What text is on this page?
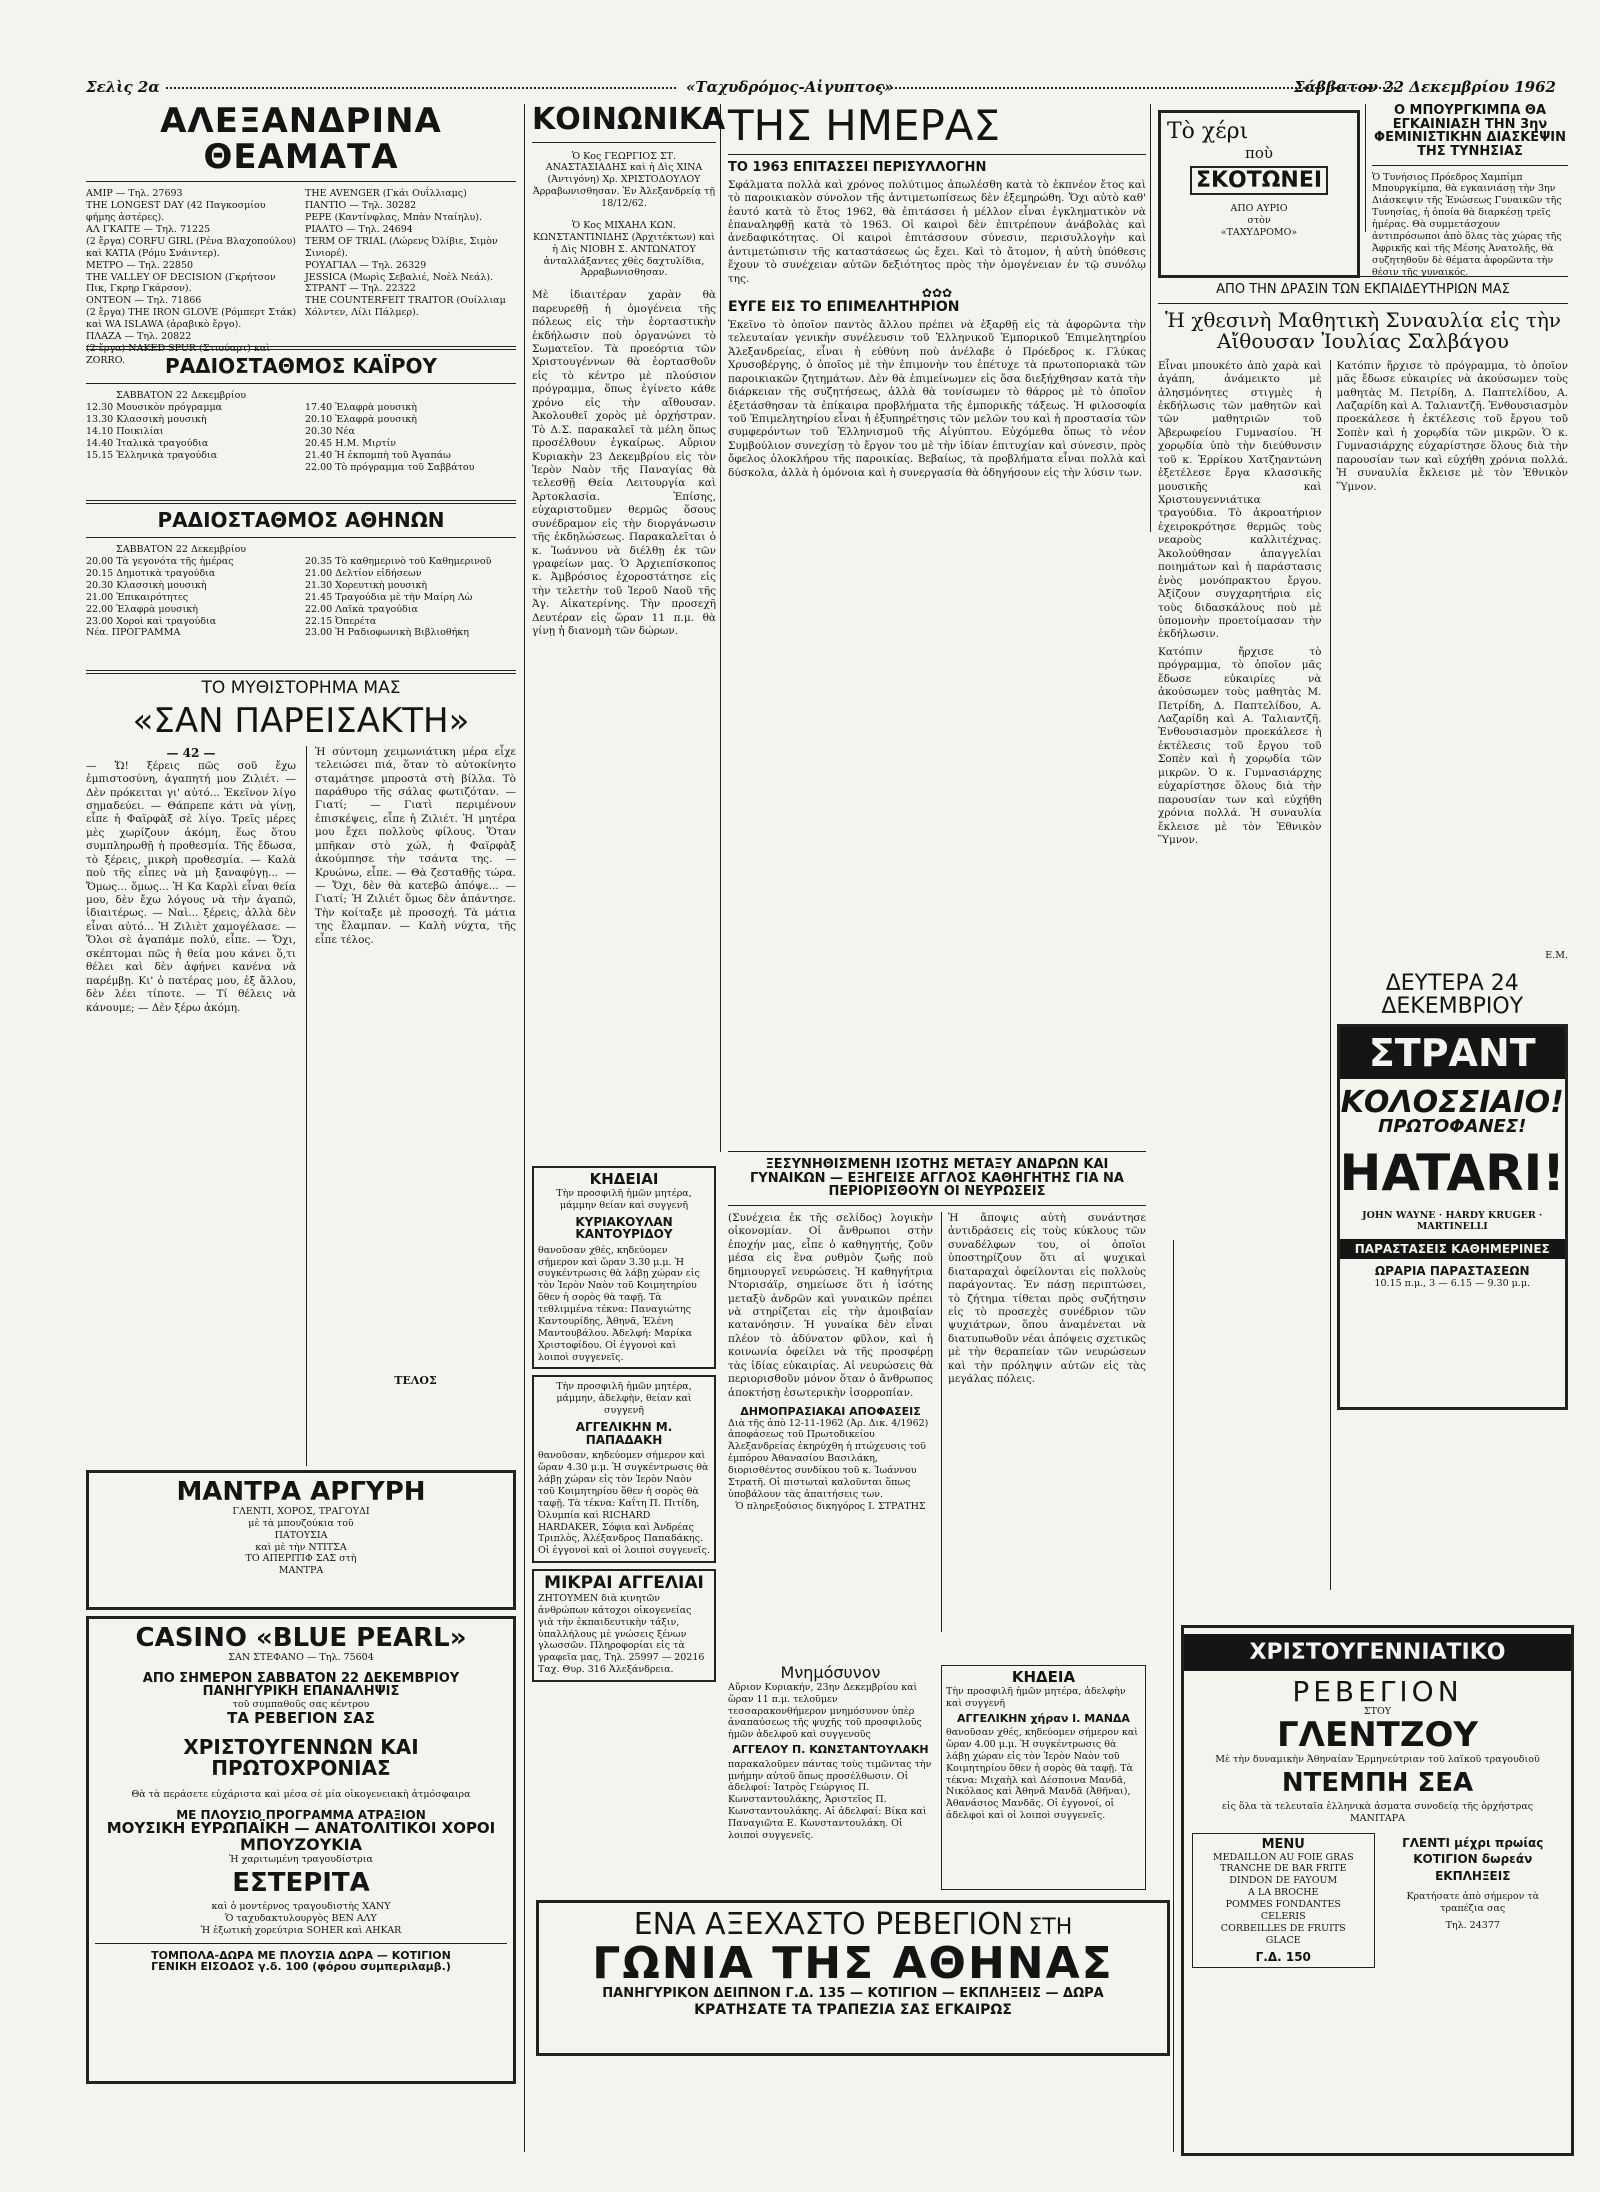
Σελὶς 2α	«Ταχυδρόμος-Αἰγυπτος»	Σάββατον 22 Δεκεμβρίου 1962
ΑΛΕΞΑΝΔΡΙΝΑ ΘΕΑΜΑΤΑ
ΑΜΙΡ — Τηλ. 27693
THE LONGEST DAY (42 Παγκοσμίου φήμης ἀστέρες).
ΑΛ ΓΚΑΙΤΕ — Τηλ. 71225
(2 ἔργα) CORFU GIRL (Ρένα Βλαχοπούλου) καὶ KATIA (Ρόμυ Σνάιντερ).
ΜΕΤΡΟ — Τηλ. 22850
THE VALLEY OF DECISION (Γκρήτσον Πικ, Γκρηρ Γκάρσον).
ΟΝΤΕΟΝ — Τηλ. 71866
(2 ἔργα) THE IRON GLOVE (Ρόμπερτ Στάκ) καὶ WA ISLAWA (ἀραβικὸ ἔργο).
ΠΛΑΖΑ — Τηλ. 20822
(2 ἔργα) NAKED SPUR (Στιούαρτ) καὶ ZORRO.
THE AVENGER (Γκάι Ουΐλλιαμς)
ΠΑΝΤΙΟ — Τηλ. 30282
PEPE (Καντίνφλας, Μπὰν Νταίηλυ).
ΡΙΑΛΤΟ — Τηλ. 24694
TERM OF TRIAL (Λώρενς Ὀλίβιε, Σιμὸν Σινιορέ).
ΡΟΥΑΓΙΑΛ — Τηλ. 26329
JESSICA (Μωρὶς Σεβαλιέ, Νοὲλ Νεάλ).
ΣΤΡΑΝΤ — Τηλ. 22322
THE COUNTERFEIT TRAITOR (Ουίλλιαμ Χόλντεν, Λίλι Πάλμερ).
ΡΑΔΙΟΣΤΑΘΜΟΣ ΚΑΪΡΟΥ
ΣΑΒΒΑΤΟΝ 22 Δεκεμβρίου
12.30 Μουσικὸν πρόγραμμα
13.30 Κλασσικὴ μουσικὴ
14.10 Ποικιλίαι
14.40 Ἰταλικὰ τραγούδια
15.15 Ἑλληνικὰ τραγούδια
17.40 Ἐλαφρὰ μουσικὴ
20.10 Ἐλαφρὰ μουσικὴ
20.30 Νέα
20.45 Η.Μ. Μιρτίν
21.40 Ἡ ἐκπομπὴ τοῦ Ἀγαπάω
22.00 Τὸ πρόγραμμα τοῦ Σαββάτου
ΡΑΔΙΟΣΤΑΘΜΟΣ ΑΘΗΝΩΝ
ΣΑΒΒΑΤΟΝ 22 Δεκεμβρίου
20.00 Τὰ γεγονότα τῆς ἡμέρας
20.15 Δημοτικὰ τραγούδια
20.30 Κλασσικὴ μουσικὴ
21.00 Ἐπικαιρότητες
22.00 Ἐλαφρὰ μουσικὴ
23.00 Χοροὶ καὶ τραγούδια
Νέα. ΠΡΟΓΡΑΜΜΑ
20.35 Τὸ καθημερινὸ τοῦ Καθημερινοῦ
21.00 Δελτίον εἰδήσεων
21.30 Χορευτικὴ μουσικὴ
21.45 Τραγούδια μὲ τὴν Μαίρη Λὼ
22.00 Λαϊκὰ τραγούδια
22.15 Ὀπερέτα
23.00 Ἡ Ραδιοφωνικὴ Βιβλιοθήκη
ΤΟ ΜΥΘΙΣΤΟΡΗΜΑ ΜΑΣ
«ΣΑΝ ΠΑΡΕΙΣΑΚΤΗ»
— 42 —
— Ὤ! ξέρεις πῶς σοῦ ἔχω ἐμπιστοσύνη, ἀγαπητή μου Ζιλιέτ. — Δὲν πρόκειται γι' αὐτό... Ἐκεῖνον λίγο σημαδεύει. — Θάπρεπε κάτι νὰ γίνῃ, εἶπε ἡ Φαϊρφὰξ σὲ λίγο. Τρεῖς μέρες μὲς χωρίζουν ἀκόμη, ἕως ὅτου συμπληρωθῇ ἡ προθεσμία. Τῆς ἔδωσα, τὸ ξέρεις, μικρὴ προθεσμία. — Καλὰ ποὺ τῆς εἶπες νὰ μὴ ξαναφύγῃ... — Ὄμως... ὅμως... Ἡ Κα Καρλὶ εἶναι θεία μου, δὲν ἔχω λόγους νὰ τὴν ἀγαπῶ, ἰδιαιτέρως. — Ναὶ... ξέρεις, ἀλλὰ δὲν εἶναι αὐτό... Ἡ Ζιλιὲτ χαμογέλασε. — Ὅλοι σὲ ἀγαπάμε πολύ, εἶπε. — Ὄχι, σκέπτομαι πῶς ἡ θεία μου κάνει ὅ,τι θέλει καὶ δὲν ἀφήνει κανένα νὰ παρέμβῃ. Κι' ὁ πατέρας μου, ἐξ ἄλλου, δὲν λέει τίποτε. — Τί θέλεις νὰ κάνουμε; — Δὲν ξέρω ἀκόμη.
Ἡ σύντομη χειμωνιάτικη μέρα εἶχε τελειώσει πιά, ὅταν τὸ αὐτοκίνητο σταμάτησε μπροστὰ στὴ βίλλα. Τὸ παράθυρο τῆς σάλας φωτιζόταν. — Γιατί; — Γιατὶ περιμένουν ἐπισκέψεις, εἶπε ἡ Ζιλιέτ. Ἡ μητέρα μου ἔχει πολλοὺς φίλους. Ὅταν μπῆκαν στὸ χώλ, ἡ Φαϊρφὰξ ἀκούμπησε τὴν τσάντα της. — Κρυώνω, εἶπε. — Θὰ ζεσταθῇς τώρα. — Ὄχι, δὲν θὰ κατεβῶ ἀπόψε... — Γιατί; Ἡ Ζιλιέτ ὅμως δὲν ἀπάντησε. Τὴν κοίταξε μὲ προσοχή. Τὰ μάτια της ἔλαμπαν. — Καλὴ νύχτα, τῆς εἶπε τέλος.
ΤΕΛΟΣ
ΜΑΝΤΡΑ ΑΡΓΥΡΗ
ΓΛΕΝΤΙ, ΧΟΡΟΣ, ΤΡΑΓΟΥΔΙ
μὲ τὰ μπουζούκια τοῦ
ΠΑΤΟΥΣΙΑ
καὶ μὲ τὴν ΝΤΙΤΣΑ
ΤΟ ΑΠΕΡΙΤΙΦ ΣΑΣ στὴ
ΜΑΝΤΡΑ
CASINO «BLUE PEARL»
ΣΑΝ ΣΤΕΦΑΝΟ — Τηλ. 75604
ΑΠΟ ΣΗΜΕΡΟΝ ΣΑΒΒΑΤΟΝ 22 ΔΕΚΕΜΒΡΙΟΥ
ΠΑΝΗΓΥΡΙΚΗ ΕΠΑΝΑΛΗΨΙΣ
τοῦ συμπαθοῦς σας κέντρου
ΤΑ ΡΕΒΕΓΙΟΝ ΣΑΣ
ΧΡΙΣΤΟΥΓΕΝΝΩΝ ΚΑΙ ΠΡΩΤΟΧΡΟΝΙΑΣ
Θὰ τὰ περάσετε εὐχάριστα καὶ μέσα σὲ μία οἰκογενειακὴ ἀτμόσφαιρα
ΜΕ ΠΛΟΥΣΙΟ ΠΡΟΓΡΑΜΜΑ ΑΤΡΑΞΙΟΝ
ΜΟΥΣΙΚΗ ΕΥΡΩΠΑΪΚΗ — ΑΝΑΤΟΛΙΤΙΚΟΙ ΧΟΡΟΙ
ΜΠΟΥΖΟΥΚΙΑ
Ἡ χαριτωμένη τραγουδίστρια
ΕΣΤΕΡΙΤΑ
καὶ ὁ μοντέρνος τραγουδιστὴς ΧΑΝΥ
Ὁ ταχυδακτυλουργὸς ΒΕΝ ΑΛΥ
Ἡ ἐξωτικὴ χορεύτρια SOHER καὶ AHKAR
ΤΟΜΠΟΛΑ-ΔΩΡΑ ΜΕ ΠΛΟΥΣΙΑ ΔΩΡΑ — ΚΟΤΙΓΙΟΝ
ΓΕΝΙΚΗ ΕΙΣΟΔΟΣ γ.δ. 100 (φόρου συμπεριλαμβ.)
ΚΟΙΝΩΝΙΚΑ
Ὁ Κος ΓΕΩΡΓΙΟΣ ΣΤ. ΑΝΑΣΤΑΣΙΑΔΗΣ καὶ ἡ Δὶς ΧΙΝΑ (Ἀντιγόνη) Χρ. ΧΡΙΣΤΟΔΟΥΛΟΥ Ἀρραβωνισθησαν. Ἐν Ἀλεξανδρείᾳ τῇ 18/12/62.
Ὁ Κος ΜΙΧΑΗΛ ΚΩΝ. ΚΩΝΣΤΑΝΤΙΝΙΔΗΣ (Ἀρχιτέκτων) καὶ ἡ Δὶς ΝΙΟΒΗ Σ. ΑΝΤΩΝΑΤΟΥ ἀνταλλάξαντες χθὲς δαχτυλίδια, Ἀρραβωνισθησαν.
Μὲ ἰδιαιτέραν χαρὰν θὰ παρευρεθῇ ἡ ὀμογένεια τῆς πόλεως εἰς τὴν ἑορταστικὴν ἐκδήλωσιν ποὺ ὀργανώνει τὸ Σωματεῖον. Τὰ προεόρτια τῶν Χριστουγέννων θὰ ἑορτασθοῦν εἰς τὸ κέντρο μὲ πλούσιον πρόγραμμα, ὅπως ἐγίνετο κάθε χρόνο εἰς τὴν αἴθουσαν. Ἀκολουθεῖ χορὸς μὲ ὀρχήστραν. Τὸ Δ.Σ. παρακαλεῖ τὰ μέλη ὅπως προσέλθουν ἐγκαίρως. Αὔριον Κυριακὴν 23 Δεκεμβρίου εἰς τὸν Ἱερὸν Ναὸν τῆς Παναγίας θὰ τελεσθῇ Θεία Λειτουργία καὶ Ἀρτοκλασία. Ἐπίσης, εὐχαριστοῦμεν θερμῶς ὅσους συνέδραμον εἰς τὴν διοργάνωσιν τῆς ἐκδηλώσεως. Παρακαλεῖται ὁ κ. Ἰωάννου νὰ διέλθῃ ἐκ τῶν γραφείων μας. Ὁ Ἀρχιεπίσκοπος κ. Ἀμβρόσιος ἐχοροστάτησε εἰς τὴν τελετὴν τοῦ Ἱεροῦ Ναοῦ τῆς Ἀγ. Αἰκατερίνης. Τὴν προσεχῆ Δευτέραν εἰς ὥραν 11 π.μ. θὰ γίνῃ ἡ διανομὴ τῶν δώρων.
ΚΗΔΕΙΑΙ
Τὴν προσφιλῆ ἡμῶν μητέρα, μάμμην θείαν καὶ συγγενῆ
ΚΥΡΙΑΚΟΥΛΑΝ ΚΑΝΤΟΥΡΙΔΟΥ
θανοῦσαν χθές, κηδεύομεν σήμερον καὶ ὥραν 3.30 μ.μ. Ἡ συγκέντρωσις θὰ λάβῃ χώραν εἰς τὸν Ἱερὸν Ναὸν τοῦ Κοιμητηρίου ὅθεν ἡ σορὸς θὰ ταφῇ. Τὰ τεθλιμμένα τέκνα: Παναγιώτης Καντουρίδης, Ἀθηνᾶ, Ἑλένη Μαντουβάλου. Ἀδελφή: Μαρίκα Χριστοφίδου. Οἱ ἐγγονοὶ καὶ λοιποὶ συγγενεῖς.
Τὴν προσφιλῆ ἡμῶν μητέρα, μάμμην, ἀδελφὴν, θείαν καὶ συγγενῆ
ΑΓΓΕΛΙΚΗΝ Μ. ΠΑΠΑΔΑΚΗ
θανοῦσαν, κηδεύομεν σήμερον καὶ ὥραν 4.30 μ.μ. Ἡ συγκέντρωσις θὰ λάβῃ χώραν εἰς τὸν Ἱερὸν Ναὸν τοῦ Κοιμητηρίου ὅθεν ἡ σορὸς θὰ ταφῇ. Τὰ τέκνα: Καΐτη Π. Πιτίδη, Ὀλυμπία καὶ RICHARD HARDAKER, Σόφια καὶ Ἀνδρέας Τριπλὸς, Ἀλέξανδρος Παπαδάκης. Οἱ ἐγγονοὶ καὶ οἱ λοιποὶ συγγενεῖς.
ΜΙΚΡΑΙ ΑΓΓΕΛΙΑΙ
ΖΗΤΟΥΜΕΝ διὰ κινητῶν ἀνθρώπων κάτοχοι οἰκογενείας γιὰ τὴν ἐκπαιδευτικὴν τάξιν, ὑπαλλήλους μὲ γνώσεις ξένων γλωσσῶν. Πληροφορίαι εἰς τὰ γραφεῖα μας, Τηλ. 25997 — 20216 Ταχ. Θυρ. 316 Ἀλεξάνδρεια.
ΤΗΣ ΗΜΕΡΑΣ
ΤΟ 1963 ΕΠΙΤΑΣΣΕΙ ΠΕΡΙΣΥΛΛΟΓΗΝ
Σφάλματα πολλὰ καὶ χρόνος πολύτιμος ἀπωλέσθη κατὰ τὸ ἐκπνέον ἔτος καὶ τὸ παροικιακὸν σύνολον τῆς ἀντιμετωπίσεως δὲν ἐξεμηρώθη. Ὄχι αὐτὸ καθ' ἑαυτό κατὰ τὸ ἔτος 1962, θὰ ἐπιτάσσει ἡ μέλλον εἶναι ἐγκληματικὸν νὰ ἐπαναληφθῇ κατὰ τὸ 1963. Οἱ καιροὶ δὲν ἐπιτρέπουν ἀνάβολὰς καὶ ἀνεδαφικότητας. Οἱ καιροὶ ἐπιτάσσουν σύνεσιν, περισυλλογὴν καὶ ἀντιμετώπισιν τῆς καταστάσεως ὡς ἔχει. Καὶ τὸ ἄτομον, ἡ αὐτὴ ὑπόθεσις ἔχουν τὸ συνέχειαν αὐτῶν δεξιότητος πρὸς τὴν ὁμογένειαν ἐν τῷ συνόλῳ της.
✿✿✿
ΕΥΓΕ ΕΙΣ ΤΟ ΕΠΙΜΕΛΗΤΗΡΙΟΝ
Ἐκεῖνο τὸ ὁποῖον παντὸς ἄλλου πρέπει νὰ ἐξαρθῇ εἰς τὰ ἀφορῶντα τὴν τελευταίαν γενικὴν συνέλευσιν τοῦ Ἑλληνικοῦ Ἐμπορικοῦ Ἐπιμελητηρίου Ἀλεξανδρείας, εἶναι ἡ εὐθύνη ποὺ ἀνέλαβε ὁ Πρόεδρος κ. Γλύκας Χρυσοβέργης, ὁ ὁποῖος μὲ τὴν ἐπιμονὴν του ἐπέτυχε τὰ πρωτοποριακὰ τῶν παροικιακῶν ζητημάτων. Δὲν θὰ ἐπιμείνωμεν εἰς ὅσα διεξήχθησαν κατὰ τὴν διάρκειαν τῆς συζητήσεως, ἀλλὰ θὰ τονίσωμεν τὸ θάρρος μὲ τὸ ὁποῖον ἐξετάσθησαν τὰ ἐπίκαιρα προβλήματα τῆς ἐμπορικῆς τάξεως. Ἡ φιλοσοφία τοῦ Ἐπιμελητηρίου εἶναι ἡ ἐξυπηρέτησις τῶν μελῶν του καὶ ἡ προστασία τῶν συμφερόντων τοῦ Ἑλληνισμοῦ τῆς Αἰγύπτου. Εὐχόμεθα ὅπως τὸ νέον Συμβούλιον συνεχίσῃ τὸ ἔργον του μὲ τὴν ἰδίαν ἐπιτυχίαν καὶ σύνεσιν, πρὸς ὄφελος ὁλοκλήρου τῆς παροικίας. Βεβαίως, τὰ προβλήματα εἶναι πολλὰ καὶ δύσκολα, ἀλλὰ ἡ ὁμόνοια καὶ ἡ συνεργασία θὰ ὁδηγήσουν εἰς τὴν λύσιν των.
ΞΕΣΥΝΗΘΙΣΜΕΝΗ ΙΣΟΤΗΣ ΜΕΤΑΞΥ ΑΝΔΡΩΝ ΚΑΙ ΓΥΝΑΙΚΩΝ — ΕΞΗΓΕΙΣΕ ΑΓΓΛΟΣ ΚΑΘΗΓΗΤΗΣ ΓΙΑ ΝΑ ΠΕΡΙΟΡΙΣΘΟΥΝ ΟΙ ΝΕΥΡΩΣΕΙΣ
(Συνέχεια ἐκ τῆς σελίδος) λογικὴν οἰκονομίαν. Οἱ ἄνθρωποι στὴν ἐποχήν μας, εἶπε ὁ καθηγητής, ζοῦν μέσα εἰς ἓνα ρυθμὸν ζωῆς ποὺ δημιουργεῖ νευρώσεις. Ἡ καθηγήτρια Ντορισάϊρ, σημείωσε ὅτι ἡ ἰσότης μεταξὺ ἀνδρῶν καὶ γυναικῶν πρέπει νὰ στηρίζεται εἰς τὴν ἀμοιβαίαν κατανόησιν. Ἡ γυναίκα δὲν εἶναι πλέον τὸ ἀδύνατον φῦλον, καὶ ἡ κοινωνία ὀφείλει νὰ τῆς προσφέρῃ τὰς ἰδίας εὐκαιρίας. Αἱ νευρώσεις θὰ περιορισθοῦν μόνον ὅταν ὁ ἄνθρωπος ἀποκτήσῃ ἐσωτερικὴν ἰσορροπίαν.
ΔΗΜΟΠΡΑΣΙΑΚΑΙ ΑΠΟΦΑΣΕΙΣ
Διὰ τῆς ἀπὸ 12-11-1962 (Ἀρ. Δικ. 4/1962) ἀποφάσεως τοῦ Πρωτοδικείου Ἀλεξανδρείας ἐκηρύχθη ἡ πτώχευσις τοῦ ἐμπόρου Ἀθανασίου Βασιλάκη, διορισθέντος συνδίκου τοῦ κ. Ἰωάννου Στρατῆ. Οἱ πιστωταὶ καλοῦνται ὅπως ὑποβάλουν τὰς ἀπαιτήσεις των.
Ὁ πληρεξούσιος δικηγόρος Ι. ΣΤΡΑΤΗΣ
Ἡ ἄποψις αὐτὴ συνάντησε ἀντιδράσεις εἰς τοὺς κύκλους τῶν συναδέλφων του, οἱ ὁποῖοι ὑποστηρίζουν ὅτι αἱ ψυχικαὶ διαταραχαὶ ὀφείλονται εἰς πολλοὺς παράγοντας. Ἐν πάσῃ περιπτώσει, τὸ ζήτημα τίθεται πρὸς συζήτησιν εἰς τὸ προσεχὲς συνέδριον τῶν ψυχιάτρων, ὅπου ἀναμένεται νὰ διατυπωθοῦν νέαι ἀπόψεις σχετικῶς μὲ τὴν θεραπείαν τῶν νευρώσεων καὶ τὴν πρόληψιν αὐτῶν εἰς τὰς μεγάλας πόλεις.
Μνημόσυνον
Αὔριον Κυριακήν, 23ην Δεκεμβρίου καὶ ὥραν 11 π.μ. τελοῦμεν τεσσαρακονθήμερον μνημόσυνον ὑπὲρ ἀναπαύσεως τῆς ψυχῆς τοῦ προσφιλοῦς ἡμῶν ἀδελφοῦ καὶ συγγενοῦς
ΑΓΓΕΛΟΥ Π. ΚΩΝΣΤΑΝΤΟΥΛΑΚΗ
παρακαλοῦμεν πάντας τοὺς τιμῶντας τὴν μνήμην αὐτοῦ ὅπως προσέλθωσιν. Οἱ ἀδελφοί: Ἰατρὸς Γεώργιος Π. Κωνσταντουλάκης, Ἀριστεῖος Π. Κωνσταντουλάκης. Αἱ ἀδελφαί: Βίκα καὶ Παναγιῶτα Ε. Κωνσταντουλάκη. Οἱ λοιποὶ συγγενεῖς.
ΚΗΔΕΙΑ
Τὴν προσφιλῆ ἡμῶν μητέρα, ἀδελφὴν καὶ συγγενῆ
ΑΓΓΕΛΙΚΗΝ χήραν Ι. ΜΑΝΔΑ
θανοῦσαν χθές, κηδεύομεν σήμερον καὶ ὥραν 4.00 μ.μ. Ἡ συγκέντρωσις θὰ λάβῃ χώραν εἰς τὸν Ἱερὸν Ναὸν τοῦ Κοιμητηρίου ὅθεν ἡ σορὸς θὰ ταφῇ. Τὰ τέκνα: Μιχαὴλ καὶ Δέσποινα Μανδᾶ, Νικόλαος καὶ Ἀθηνᾶ Μανδᾶ (Ἀθῆναι), Ἀθανάσιος Μανδᾶς. Οἱ ἐγγονοί, οἱ ἀδελφοὶ καὶ οἱ λοιποὶ συγγενεῖς.
ΕΝΑ ΑΞΕΧΑΣΤΟ ΡΕΒΕΓΙΟΝ ΣΤΗ
ΓΩΝΙΑ ΤΗΣ ΑΘΗΝΑΣ
ΠΑΝΗΓΥΡΙΚΟΝ ΔΕΙΠΝΟΝ Γ.Δ. 135 — ΚΟΤΙΓΙΟΝ — ΕΚΠΛΗΞΕΙΣ — ΔΩΡΑ
ΚΡΑΤΗΣΑΤΕ ΤΑ ΤΡΑΠΕΖΙΑ ΣΑΣ ΕΓΚΑΙΡΩΣ
Τὸ χέρι
ποὺ
ΣΚΟΤΩΝΕΙ
ΑΠΟ ΑΥΡΙΟ
στὸν
«ΤΑΧΥΔΡΟΜΟ»
Ο ΜΠΟΥΡΓΚΙΜΠΑ ΘΑ ΕΓΚΑΙΝΙΑΣΗ ΤΗΝ 3ην ΦΕΜΙΝΙΣΤΙΚΗΝ ΔΙΑΣΚΕΨΙΝ ΤΗΣ ΤΥΝΗΣΙΑΣ
Ὁ Τυνήσιος Πρόεδρος Χαμπίμπ Μπουργκίμπα, θὰ εγκαινιάσῃ τὴν 3ην Διάσκεψιν τῆς Ἑνώσεως Γυναικῶν τῆς Τυνησίας, ἡ ὁποία θὰ διαρκέσῃ τρεῖς ἡμέρας. Θὰ συμμετάσχουν ἀντιπρόσωποι ἀπὸ ὅλας τὰς χώρας τῆς Ἀφρικῆς καὶ τῆς Μέσης Ἀνατολῆς, θὰ συζητηθοῦν δὲ θέματα ἀφορῶντα τὴν θέσιν τῆς γυναικός.
ΑΠΟ ΤΗΝ ΔΡΑΣΙΝ ΤΩΝ ΕΚΠΑΙΔΕΥΤΗΡΙΩΝ ΜΑΣ
Ἡ χθεσινὴ Μαθητικὴ Συναυλία εἰς τὴν Αἴθουσαν Ἰουλίας Σαλβάγου
Εἶναι μπουκέτο ἀπὸ χαρὰ καὶ ἀγάπη, ἀνάμεικτο μὲ ἀλησμόνητες στιγμὲς ἡ ἐκδήλωσις τῶν μαθητῶν καὶ τῶν μαθητριῶν τοῦ Ἀβερωφείου Γυμνασίου. Ἡ χορῳδία ὑπὸ τὴν διεύθυνσιν τοῦ κ. Ἑρρίκου Χατζηαντώνη ἐξετέλεσε ἔργα κλασσικῆς μουσικῆς καὶ Χριστουγεννιάτικα τραγούδια. Τὸ ἀκροατήριον ἐχειροκρότησε θερμῶς τοὺς νεαροὺς καλλιτέχνας. Ἀκολούθησαν ἀπαγγελίαι ποιημάτων καὶ ἡ παράστασις ἑνὸς μονόπρακτου ἔργου. Ἀξίζουν συγχαρητήρια εἰς τοὺς διδασκάλους ποὺ μὲ ὑπομονὴν προετοίμασαν τὴν ἐκδήλωσιν.
Κατόπιν ἤρχισε τὸ πρόγραμμα, τὸ ὁποῖον μᾶς ἔδωσε εὐκαιρίες νὰ ἀκούσωμεν τοὺς μαθητὰς Μ. Πετρίδη, Δ. Παπτελίδου, Α. Λαζαρίδη καὶ Α. Ταλιαντζῆ. Ἐνθουσιασμὸν προεκάλεσε ἡ ἐκτέλεσις τοῦ ἔργου τοῦ Σοπὲν καὶ ἡ χορῳδία τῶν μικρῶν. Ὁ κ. Γυμνασιάρχης εὐχαρίστησε ὅλους διὰ τὴν παρουσίαν των καὶ εὐχήθη χρόνια πολλά. Ἡ συναυλία ἔκλεισε μὲ τὸν Ἐθνικὸν Ὕμνον.
Κατόπιν ἤρχισε τὸ πρόγραμμα, τὸ ὁποῖον μᾶς ἔδωσε εὐκαιρίες νὰ ἀκούσωμεν τοὺς μαθητὰς Μ. Πετρίδη, Δ. Παπτελίδου, Α. Λαζαρίδη καὶ Α. Ταλιαντζῆ. Ἐνθουσιασμὸν προεκάλεσε ἡ ἐκτέλεσις τοῦ ἔργου τοῦ Σοπὲν καὶ ἡ χορῳδία τῶν μικρῶν. Ὁ κ. Γυμνασιάρχης εὐχαρίστησε ὅλους διὰ τὴν παρουσίαν των καὶ εὐχήθη χρόνια πολλά. Ἡ συναυλία ἔκλεισε μὲ τὸν Ἐθνικὸν Ὕμνον.
Ε.Μ.
ΔΕΥΤΕΡΑ 24 ΔΕΚΕΜΒΡΙΟΥ
ΣΤΡΑΝΤ
ΚΟΛΟΣΣΙΑΙΟ!
ΠΡΩΤΟΦΑΝΕΣ!
HATARI!
JOHN WAYNE · HARDY KRUGER · MARTINELLI
ΠΑΡΑΣΤΑΣΕΙΣ ΚΑΘΗΜΕΡΙΝΕΣ
ΩΡΑΡΙΑ ΠΑΡΑΣΤΑΣΕΩΝ
10.15 π.μ., 3 — 6.15 — 9.30 μ.μ.
ΧΡΙΣΤΟΥΓΕΝΝΙΑΤΙΚΟ
ΡΕΒΕΓΙΟΝ
ΣΤΟΥ
ΓΛΕΝΤΖΟΥ
Μὲ τὴν δυναμικὴν Ἀθηναίαν Ἑρμηνεύτριαν τοῦ λαϊκοῦ τραγουδιοῦ
ΝΤΕΜΠΗ ΣΕΑ
εἰς ὅλα τὰ τελευταῖα ἑλληνικὰ ἀσματα συνοδείᾳ τῆς ὀρχήστρας ΜΑΝΙΤΑΡΑ
MENU
MEDAILLON AU FOIE GRAS
TRANCHE DE BAR FRITE
DINDON DE FAYOUM
A LA BROCHE
POMMES FONDANTES
CELERIS
CORBEILLES DE FRUITS
GLACE
Γ.Δ. 150
ΓΛΕΝΤΙ μέχρι πρωίας
ΚΟΤΙΓΙΟΝ δωρεάν
ΕΚΠΛΗΞΕΙΣ
Κρατήσατε ἀπὸ σήμερον τὰ τραπέζια σας
Τηλ. 24377
